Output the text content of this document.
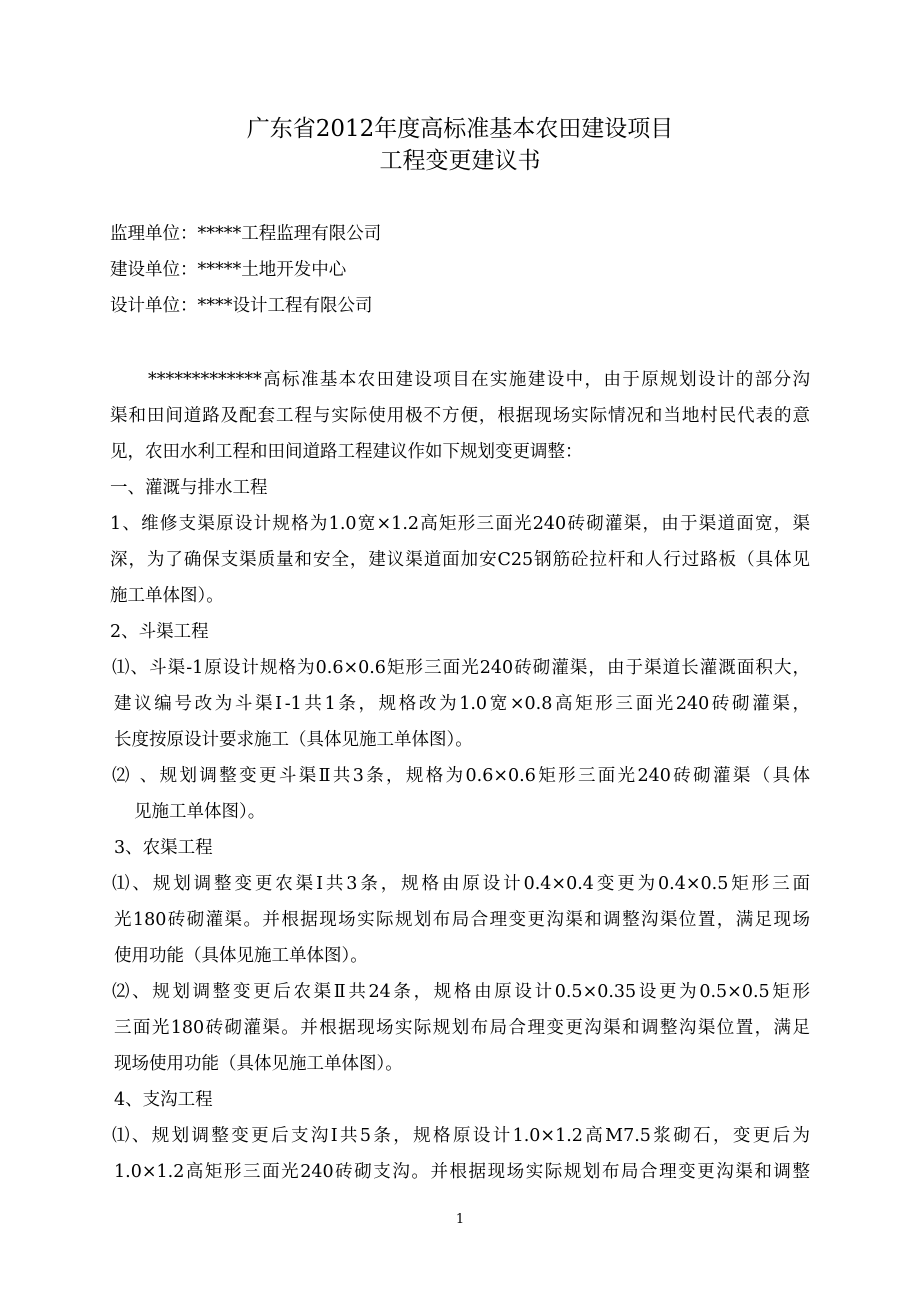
广东省2012年度高标准基本农田建设项目
工程变更建议书
监理单位：*****工程监理有限公司
建设单位：*****土地开发中心
设计单位：****设计工程有限公司
*************高标准基本农田建设项目在实施建设中，由于原规划设计的部分沟
渠和田间道路及配套工程与实际使用极不方便，根据现场实际情况和当地村民代表的意
见，农田水利工程和田间道路工程建议作如下规划变更调整：
一、灌溉与排水工程
1、维修支渠原设计规格为1.0宽×1.2高矩形三面光240砖砌灌渠，由于渠道面宽，渠
深，为了确保支渠质量和安全，建议渠道面加安C25钢筋砼拉杆和人行过路板（具体见
施工单体图）。
2、斗渠工程
⑴、斗渠-1原设计规格为0.6×0.6矩形三面光240砖砌灌渠，由于渠道长灌溉面积大，
建议编号改为斗渠Ⅰ-1共1条，规格改为1.0宽×0.8高矩形三面光240砖砌灌渠，
长度按原设计要求施工（具体见施工单体图）。
⑵ 、规划调整变更斗渠Ⅱ共3条，规格为0.6×0.6矩形三面光240砖砌灌渠（具体
见施工单体图）。
3、农渠工程
⑴、规划调整变更农渠Ⅰ共3条，规格由原设计0.4×0.4变更为0.4×0.5矩形三面
光180砖砌灌渠。并根据现场实际规划布局合理变更沟渠和调整沟渠位置，满足现场
使用功能（具体见施工单体图）。
⑵、规划调整变更后农渠Ⅱ共24条，规格由原设计0.5×0.35设更为0.5×0.5矩形
三面光180砖砌灌渠。并根据现场实际规划布局合理变更沟渠和调整沟渠位置，满足
现场使用功能（具体见施工单体图）。
4、支沟工程
⑴、规划调整变更后支沟Ⅰ共5条，规格原设计1.0×1.2高M7.5浆砌石，变更后为
1.0×1.2高矩形三面光240砖砌支沟。并根据现场实际规划布局合理变更沟渠和调整
1
